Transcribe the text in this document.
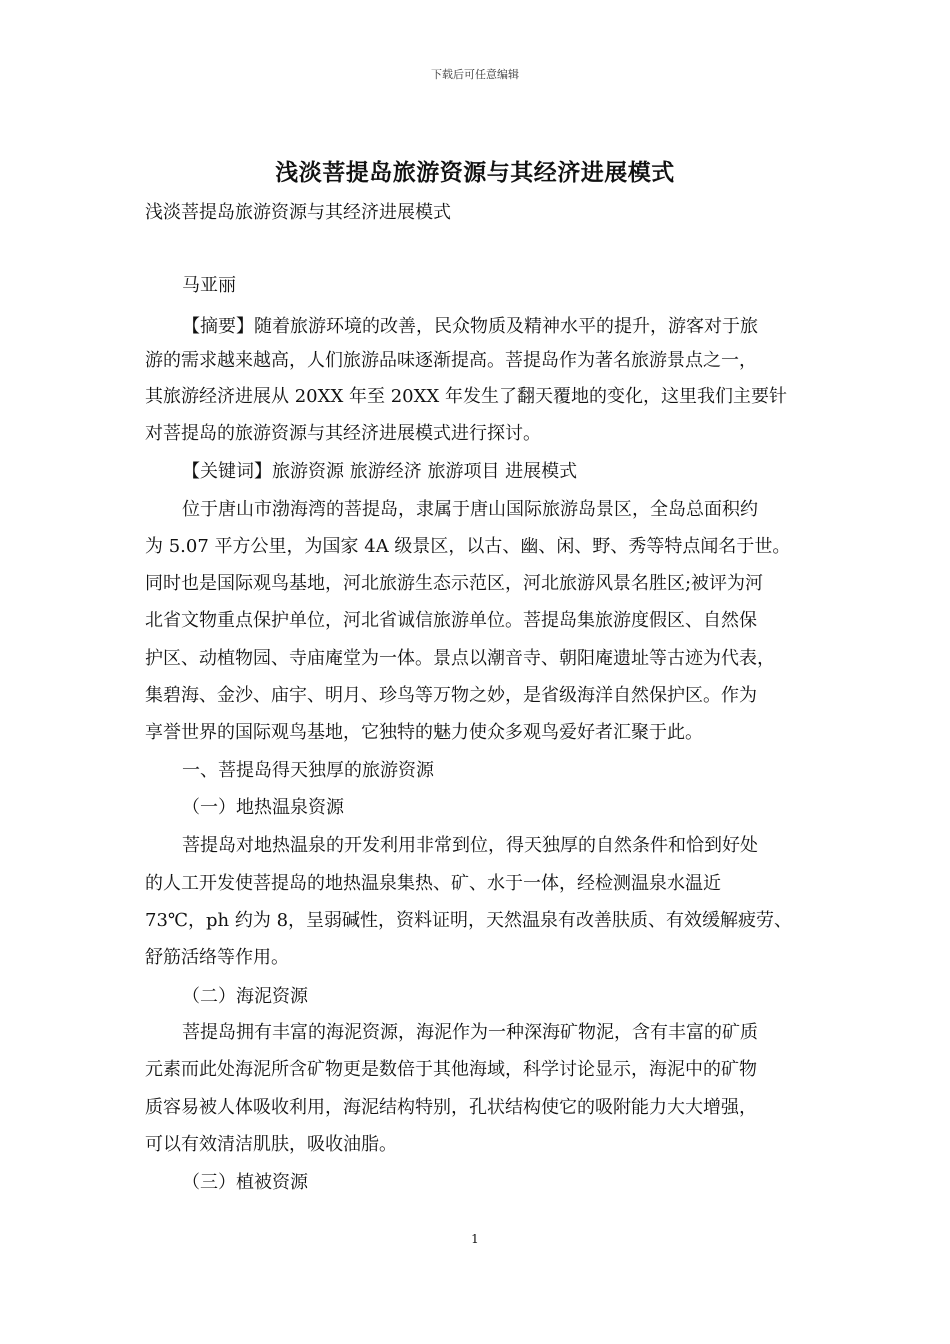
下载后可任意编辑
浅淡菩提岛旅游资源与其经济进展模式
浅淡菩提岛旅游资源与其经济进展模式
马亚丽
【摘要】随着旅游环境的改善，民众物质及精神水平的提升，游客对于旅
游的需求越来越高，人们旅游品味逐渐提高。菩提岛作为著名旅游景点之一，
其旅游经济进展从 20XX 年至 20XX 年发生了翻天覆地的变化，这里我们主要针
对菩提岛的旅游资源与其经济进展模式进行探讨。
【关键词】旅游资源 旅游经济 旅游项目 进展模式
位于唐山市渤海湾的菩提岛，隶属于唐山国际旅游岛景区，全岛总面积约
为 5.07 平方公里，为国家 4A 级景区，以古、幽、闲、野、秀等特点闻名于世。
同时也是国际观鸟基地，河北旅游生态示范区，河北旅游风景名胜区;被评为河
北省文物重点保护单位，河北省诚信旅游单位。菩提岛集旅游度假区、自然保
护区、动植物园、寺庙庵堂为一体。景点以潮音寺、朝阳庵遗址等古迹为代表，
集碧海、金沙、庙宇、明月、珍鸟等万物之妙，是省级海洋自然保护区。作为
享誉世界的国际观鸟基地，它独特的魅力使众多观鸟爱好者汇聚于此。
一、菩提岛得天独厚的旅游资源
（一）地热温泉资源
菩提岛对地热温泉的开发利用非常到位，得天独厚的自然条件和恰到好处
的人工开发使菩提岛的地热温泉集热、矿、水于一体，经检测温泉水温近
73℃，ph 约为 8，呈弱碱性，资料证明，天然温泉有改善肤质、有效缓解疲劳、
舒筋活络等作用。
（二）海泥资源
菩提岛拥有丰富的海泥资源，海泥作为一种深海矿物泥，含有丰富的矿质
元素而此处海泥所含矿物更是数倍于其他海域，科学讨论显示，海泥中的矿物
质容易被人体吸收利用，海泥结构特别，孔状结构使它的吸附能力大大增强，
可以有效清洁肌肤，吸收油脂。
（三）植被资源
1
